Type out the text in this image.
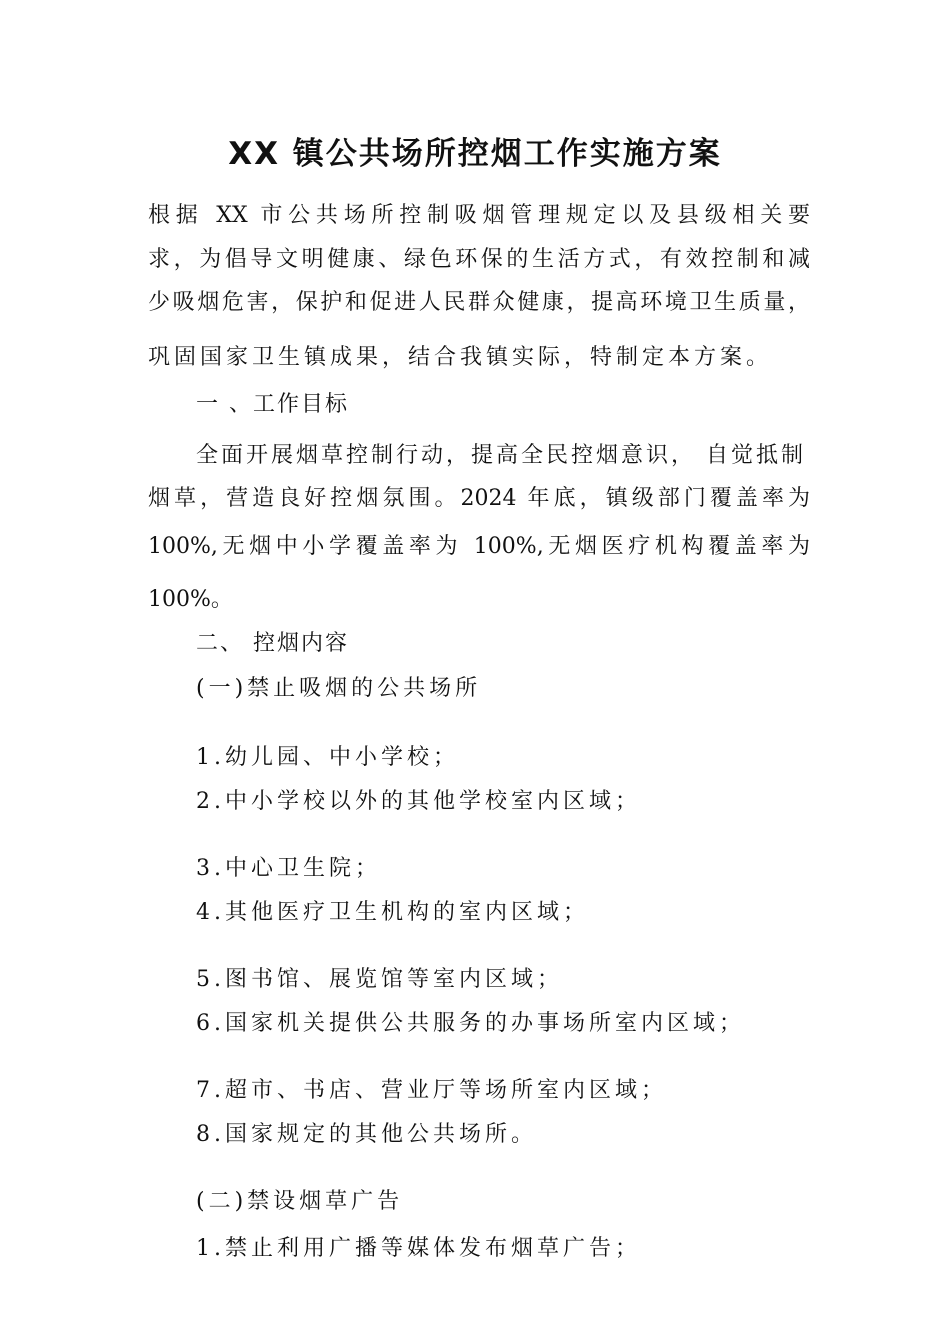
XX 镇公共场所控烟工作实施方案
根据 XX 市公共场所控制吸烟管理规定以及县级相关要
求，为倡导文明健康、绿色环保的生活方式，有效控制和减
少吸烟危害，保护和促进人民群众健康，提高环境卫生质量，
巩固国家卫生镇成果，结合我镇实际，特制定本方案。
一 、工作目标
全面开展烟草控制行动，提高全民控烟意识， 自觉抵制
烟草，营造良好控烟氛围。2024 年底，镇级部门覆盖率为
100%,无烟中小学覆盖率为 100%,无烟医疗机构覆盖率为
100%。
二、 控烟内容
(一)禁止吸烟的公共场所
1.幼儿园、中小学校；
2.中小学校以外的其他学校室内区域；
3.中心卫生院；
4.其他医疗卫生机构的室内区域；
5.图书馆、展览馆等室内区域；
6.国家机关提供公共服务的办事场所室内区域；
7.超市、书店、营业厅等场所室内区域；
8.国家规定的其他公共场所。
(二)禁设烟草广告
1.禁止利用广播等媒体发布烟草广告；
